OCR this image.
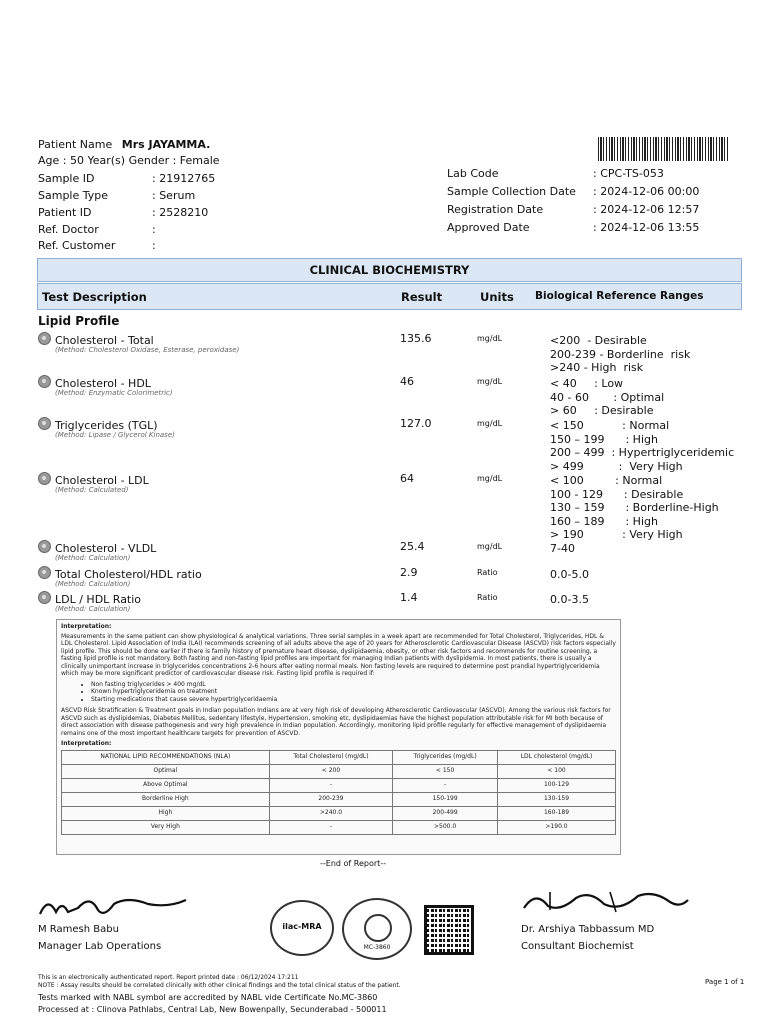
Patient Name Mrs JAYAMMA.
Age : 50 Year(s) Gender : Female
Sample ID	: 21912765
Sample Type	: Serum
Patient ID	: 2528210
Ref. Doctor	:
Ref. Customer	:
Lab Code	: CPC-TS-053
Sample Collection Date : 2024-12-06 00:00
Registration Date	: 2024-12-06 12:57
Approved Date	: 2024-12-06 13:55
CLINICAL BIOCHEMISTRY
Test Description	Result	Units Biological Reference Ranges
Lipid Profile
Cholesterol - Total
(Method: Cholesterol Oxidase, Esterase, peroxidase)
135.6	mg/dL	<200  - Desirable
200-239 - Borderline  risk
>240 - High  risk
Cholesterol - HDL
(Method: Enzymatic Colorimetric)
46	mg/dL	< 40     : Low
40 - 60       : Optimal
> 60     : Desirable
Triglycerides (TGL)
(Method: Lipase / Glycerol Kinase)
127.0	mg/dL	< 150           : Normal
150 – 199      : High
200 – 499  : Hypertriglyceridemic
> 499          :  Very High
Cholesterol - LDL
(Method: Calculated)
64	mg/dL	< 100         : Normal
100 - 129      : Desirable
130 – 159      : Borderline-High
160 – 189      : High
> 190           : Very High
Cholesterol - VLDL
(Method: Calculation)
25.4	mg/dL	7-40
Total Cholesterol/HDL ratio
(Method: Calculation)
2.9	Ratio	0.0-5.0
LDL / HDL Ratio
(Method: Calculation)
1.4	Ratio	0.0-3.5
Interpretation:

Measurements in the same patient can show physiological & analytical variations. Three serial samples in a week apart are recommended for Total Cholesterol, Triglycerides, HDL & LDL Cholesterol. Lipid Association of India (LAI) recommends screening of all adults above the age of 20 years for Atherosclerotic Cardiovascular Disease (ASCVD) risk factors especially lipid profile. This should be done earlier if there is family history of premature heart disease, dyslipidaemia, obesity, or other risk factors and recommends for routine screening, a fasting lipid profile is not mandatory. Both fasting and non-fasting lipid profiles are important for managing Indian patients with dyslipidemia. In most patients, there is usually a clinically unimportant increase in triglycerides concentrations 2-6 hours after eating normal meals. Non fasting levels are required to determine post prandial hypertriglyceridemia which may be more significant predictor of cardiovascular disease risk. Fasting lipid profile is required if:

• Non fasting triglycerides > 400 mg/dL
• Known hypertriglyceridemia on treatment
• Starting medications that cause severe hypertriglyceridaemia

ASCVD Risk Stratification & Treatment goals in Indian population Indians are at very high risk of developing Atherosclerotic Cardiovascular (ASCVD). Among the various risk factors for ASCVD such as dyslipidemias, Diabetes Mellitus, sedentary lifestyle, Hypertension, smoking etc, dyslipidaemias have the highest population attributable risk for MI both because of direct association with disease pathogenesis and very high prevalence in Indian population. Accordingly, monitoring lipid profile regularly for effective management of dyslipidaemia remains one of the most important healthcare targets for prevention of ASCVD.

Interpretation:
NATIONAL LIPID RECOMMENDATIONS (NLA)	Total Cholesterol (mg/dL)	Triglycerides (mg/dL)	LDL cholesterol (mg/dL)
Optimal	< 200	< 150	< 100
Above Optimal	-	-	100-129
Borderline High	200-239	150-199	130-159
High	>240.0	200-499	160-189
Very High	-	>500.0	>190.0
--End of Report--
M Ramesh Babu
Manager Lab Operations
Dr. Arshiya Tabbassum MD
Consultant Biochemist
ilac-MRA
MC-3860
This is an electronically authenticated report. Report printed date : 06/12/2024 17:211
NOTE : Assay results should be correlated clinically with other clinical findings and the total clinical status of the patient.	Page 1 of 1
Tests marked with NABL symbol are accredited by NABL vide Certificate No.MC-3860
Processed at : Clinova Pathlabs, Central Lab, New Bowenpally, Secunderabad - 500011
